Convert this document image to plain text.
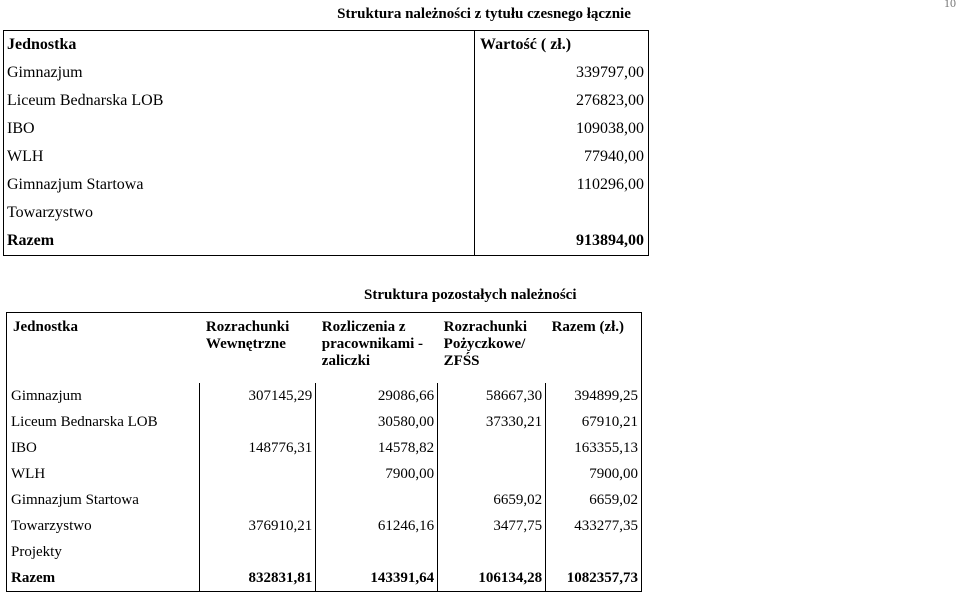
10
Struktura należności z tytułu czesnego łącznie
Jednostka	Wartość ( zł.)
Gimnazjum	339797,00
Liceum Bednarska LOB	276823,00
IBO	109038,00
WLH	77940,00
Gimnazjum Startowa	110296,00
Towarzystwo	
Razem	913894,00
Struktura pozostałych należności
Jednostka	Rozrachunki Wewnętrzne	Rozliczenia z pracownikami - zaliczki	Rozrachunki Pożyczkowe/ ZFŚS	Razem (zł.)
Gimnazjum	307145,29	29086,66	58667,30	394899,25
Liceum Bednarska LOB		30580,00	37330,21	67910,21
IBO	148776,31	14578,82		163355,13
WLH		7900,00		7900,00
Gimnazjum Startowa			6659,02	6659,02
Towarzystwo	376910,21	61246,16	3477,75	433277,35
Projekty				
Razem	832831,81	143391,64	106134,28	1082357,73
